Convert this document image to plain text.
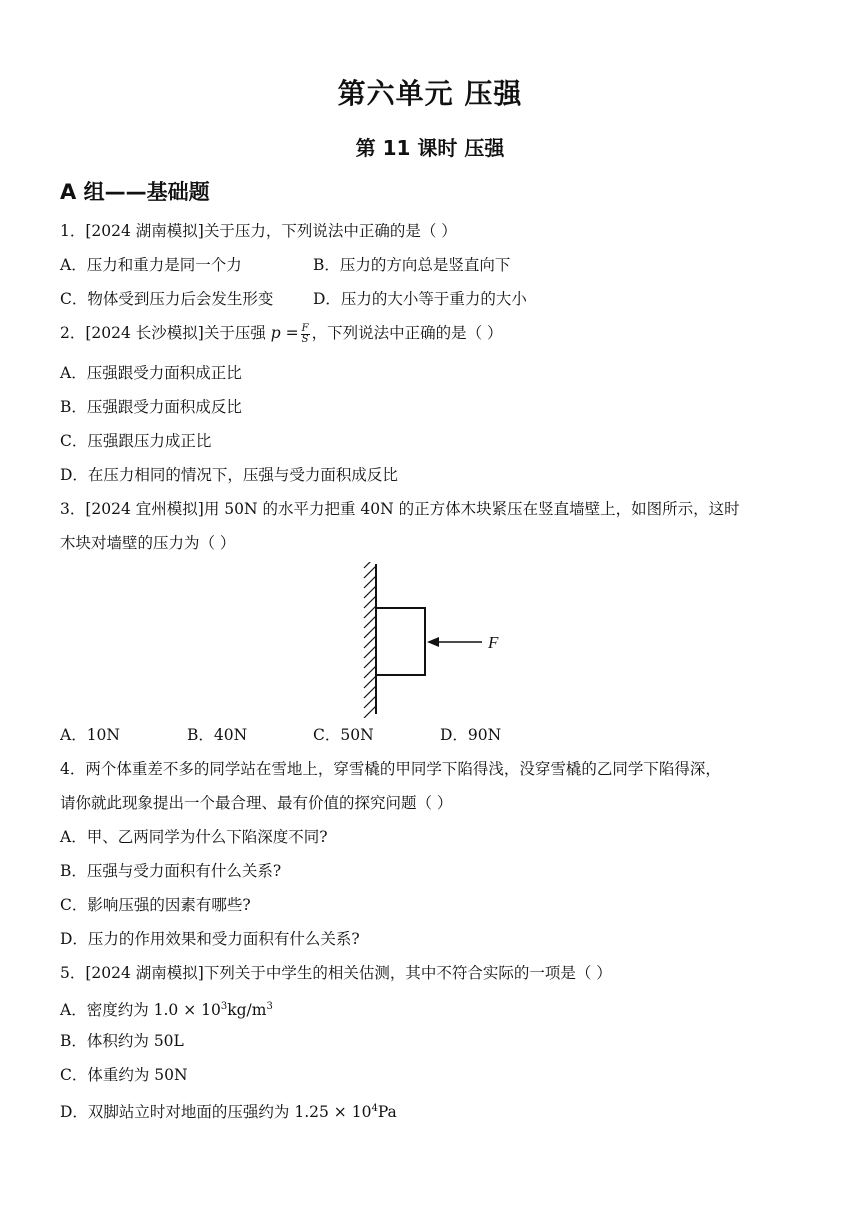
第六单元 压强
第 11 课时 压强
A 组——基础题
1．[2024 湖南模拟]关于压力，下列说法中正确的是（ ）
A．压力和重力是同一个力	B．压力的方向总是竖直向下
C．物体受到压力后会发生形变	D．压力的大小等于重力的大小
2．[2024 长沙模拟]关于压强 $p = \frac{F}{S}$ ，下列说法中正确的是（ ）
A．压强跟受力面积成正比
B．压强跟受力面积成反比
C．压强跟压力成正比
D．在压力相同的情况下，压强与受力面积成反比
3．[2024 宜州模拟]用 50N 的水平力把重 40N 的正方体木块紧压在竖直墙壁上，如图所示，这时
木块对墙壁的压力为（ ）
F
A．10N	B．40N	C．50N	D．90N
4．两个体重差不多的同学站在雪地上，穿雪橇的甲同学下陷得浅，没穿雪橇的乙同学下陷得深，
请你就此现象提出一个最合理、最有价值的探究问题（ ）
A．甲、乙两同学为什么下陷深度不同?
B．压强与受力面积有什么关系?
C．影响压强的因素有哪些?
D．压力的作用效果和受力面积有什么关系?
5．[2024 湖南模拟]下列关于中学生的相关估测，其中不符合实际的一项是（ ）
A．密度约为 $1.0 \times 10^3kg/m^3$
B．体积约为 50L
C．体重约为 50N
D．双脚站立时对地面的压强约为 $1.25 \times 10^4Pa$
